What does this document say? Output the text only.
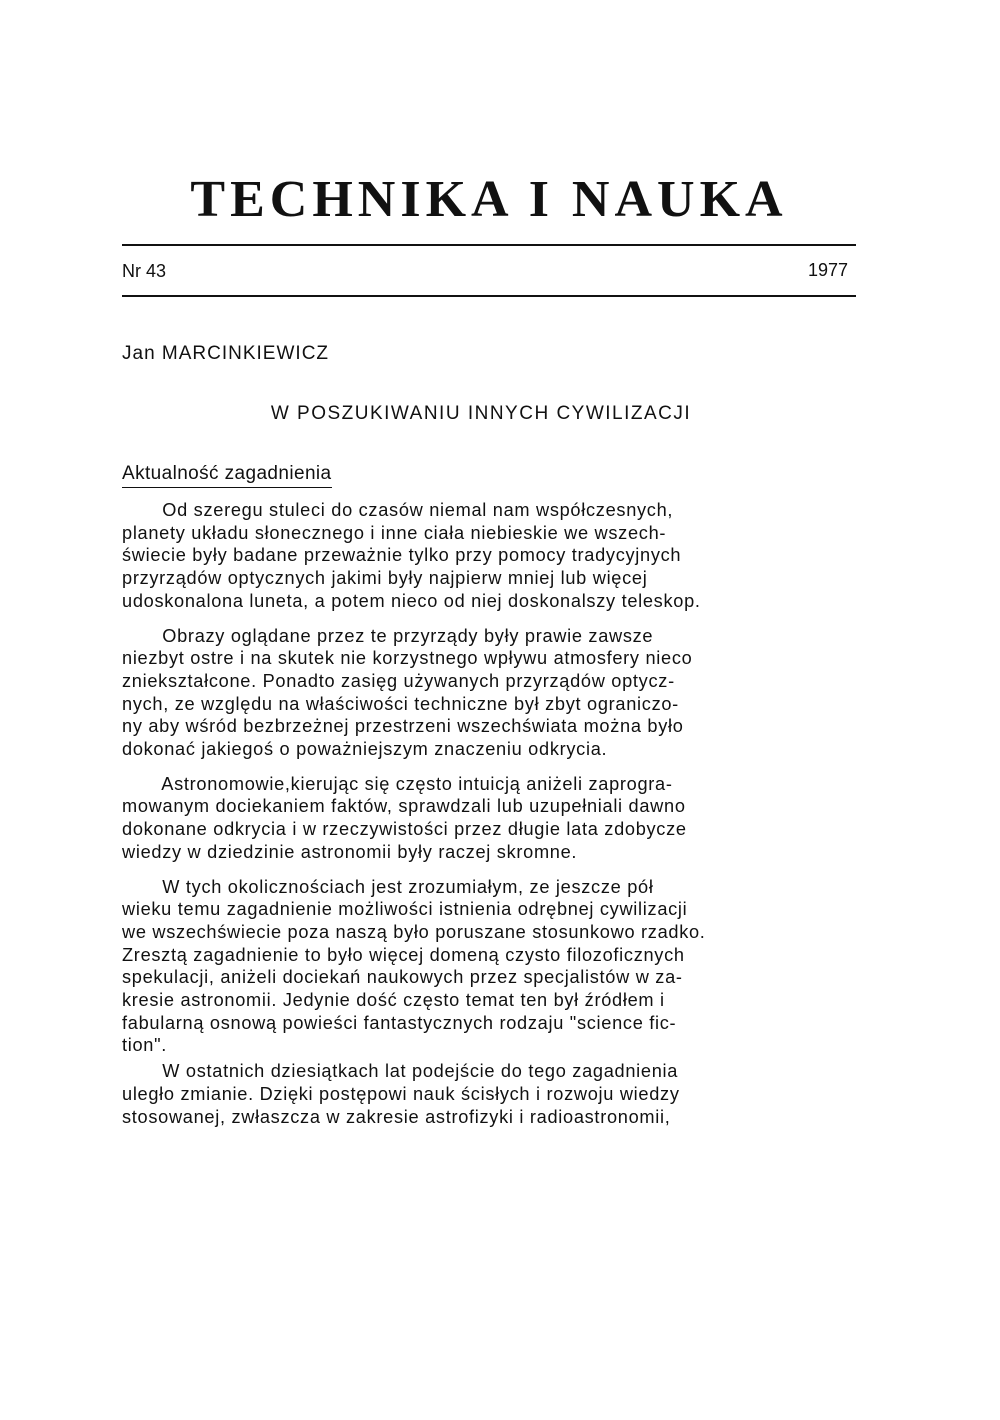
TECHNIKA I NAUKA
Nr 43	1977
Jan MARCINKIEWICZ
W POSZUKIWANIU INNYCH CYWILIZACJI
Aktualność zagadnienia

Od szeregu stuleci do czasów niemal nam współczesnych,
planety układu słonecznego i inne ciała niebieskie we wszech-
świecie były badane przeważnie tylko przy pomocy tradycyjnych
przyrządów optycznych jakimi były najpierw mniej lub więcej
udoskonalona luneta, a potem nieco od niej doskonalszy teleskop.

Obrazy oglądane przez te przyrządy były prawie zawsze
niezbyt ostre i na skutek nie korzystnego wpływu atmosfery nieco
zniekształcone. Ponadto zasięg używanych przyrządów optycz-
nych, ze względu na właściwości techniczne był zbyt ograniczo-
ny aby wśród bezbrzeżnej przestrzeni wszechświata można było
dokonać jakiegoś o poważniejszym znaczeniu odkrycia.

Astronomowie,kierując się często intuicją aniżeli zaprogra-
mowanym dociekaniem faktów, sprawdzali lub uzupełniali dawno
dokonane odkrycia i w rzeczywistości przez długie lata zdobycze
wiedzy w dziedzinie astronomii były raczej skromne.

W tych okolicznościach jest zrozumiałym, ze jeszcze pół
wieku temu zagadnienie możliwości istnienia odrębnej cywilizacji
we wszechświecie poza naszą było poruszane stosunkowo rzadko.
Zresztą zagadnienie to było więcej domeną czysto filozoficznych
spekulacji, aniżeli dociekań naukowych przez specjalistów w za-
kresie astronomii. Jedynie dość często temat ten był źródłem i
fabularną osnową powieści fantastycznych rodzaju "science fic-
tion".

W ostatnich dziesiątkach lat podejście do tego zagadnienia
uległo zmianie. Dzięki postępowi nauk ścisłych i rozwoju wiedzy
stosowanej, zwłaszcza w zakresie astrofizyki i radioastronomii,
